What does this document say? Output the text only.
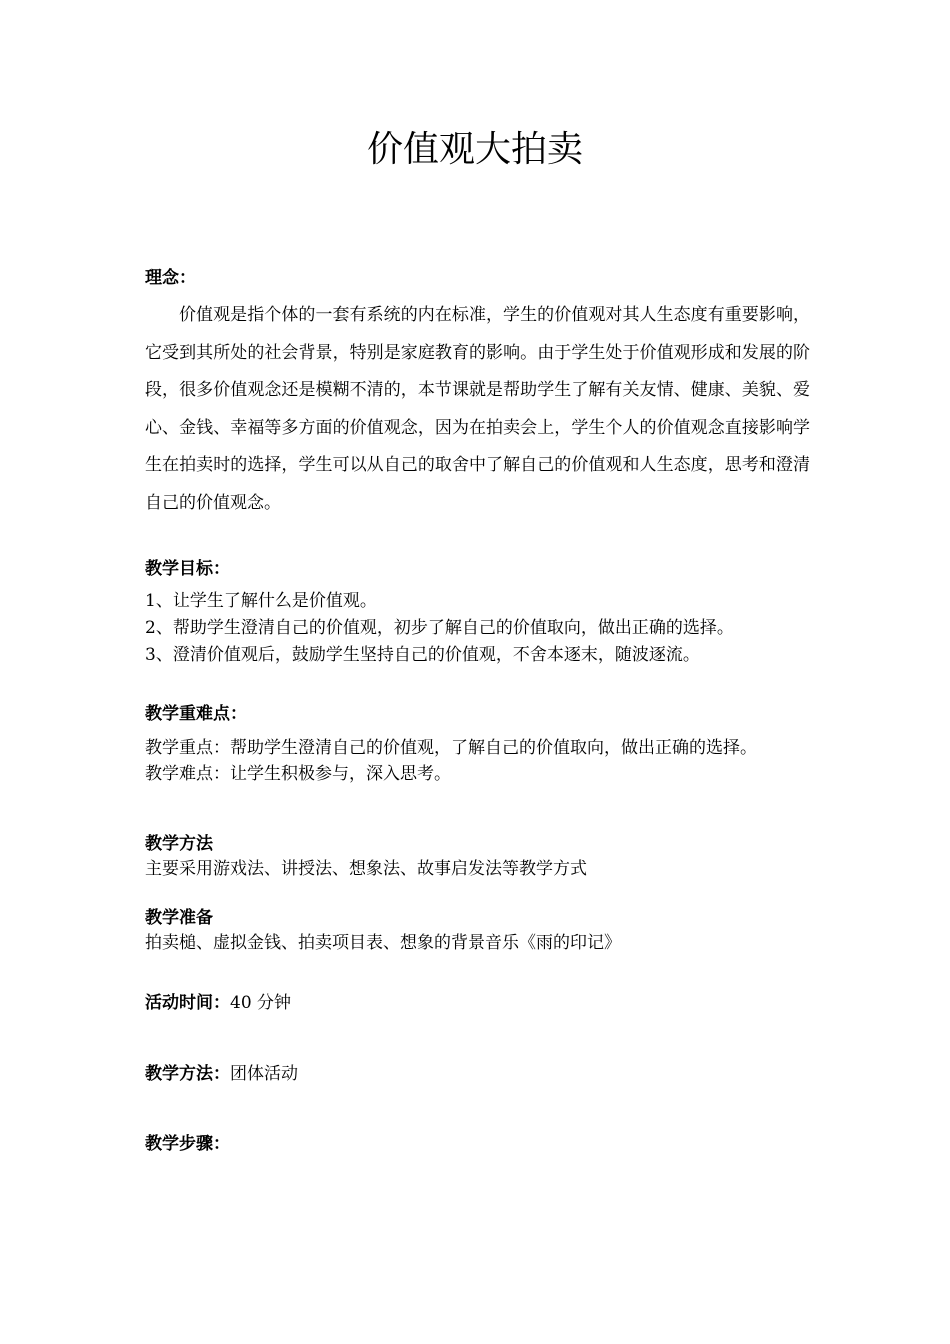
价值观大拍卖

理念：

价值观是指个体的一套有系统的内在标准，学生的价值观对其人生态度有重要影响，它受到其所处的社会背景，特别是家庭教育的影响。由于学生处于价值观形成和发展的阶段，很多价值观念还是模糊不清的，本节课就是帮助学生了解有关友情、健康、美貌、爱心、金钱、幸福等多方面的价值观念，因为在拍卖会上，学生个人的价值观念直接影响学生在拍卖时的选择，学生可以从自己的取舍中了解自己的价值观和人生态度，思考和澄清自己的价值观念。

教学目标：

1、让学生了解什么是价值观。
2、帮助学生澄清自己的价值观，初步了解自己的价值取向，做出正确的选择。
3、澄清价值观后，鼓励学生坚持自己的价值观，不舍本逐末，随波逐流。

教学重难点：

教学重点：帮助学生澄清自己的价值观，了解自己的价值取向，做出正确的选择。

教学难点：让学生积极参与，深入思考。

教学方法

主要采用游戏法、讲授法、想象法、故事启发法等教学方式

教学准备

拍卖槌、虚拟金钱、拍卖项目表、想象的背景音乐《雨的印记》

活动时间：40 分钟

教学方法：团体活动

教学步骤：
